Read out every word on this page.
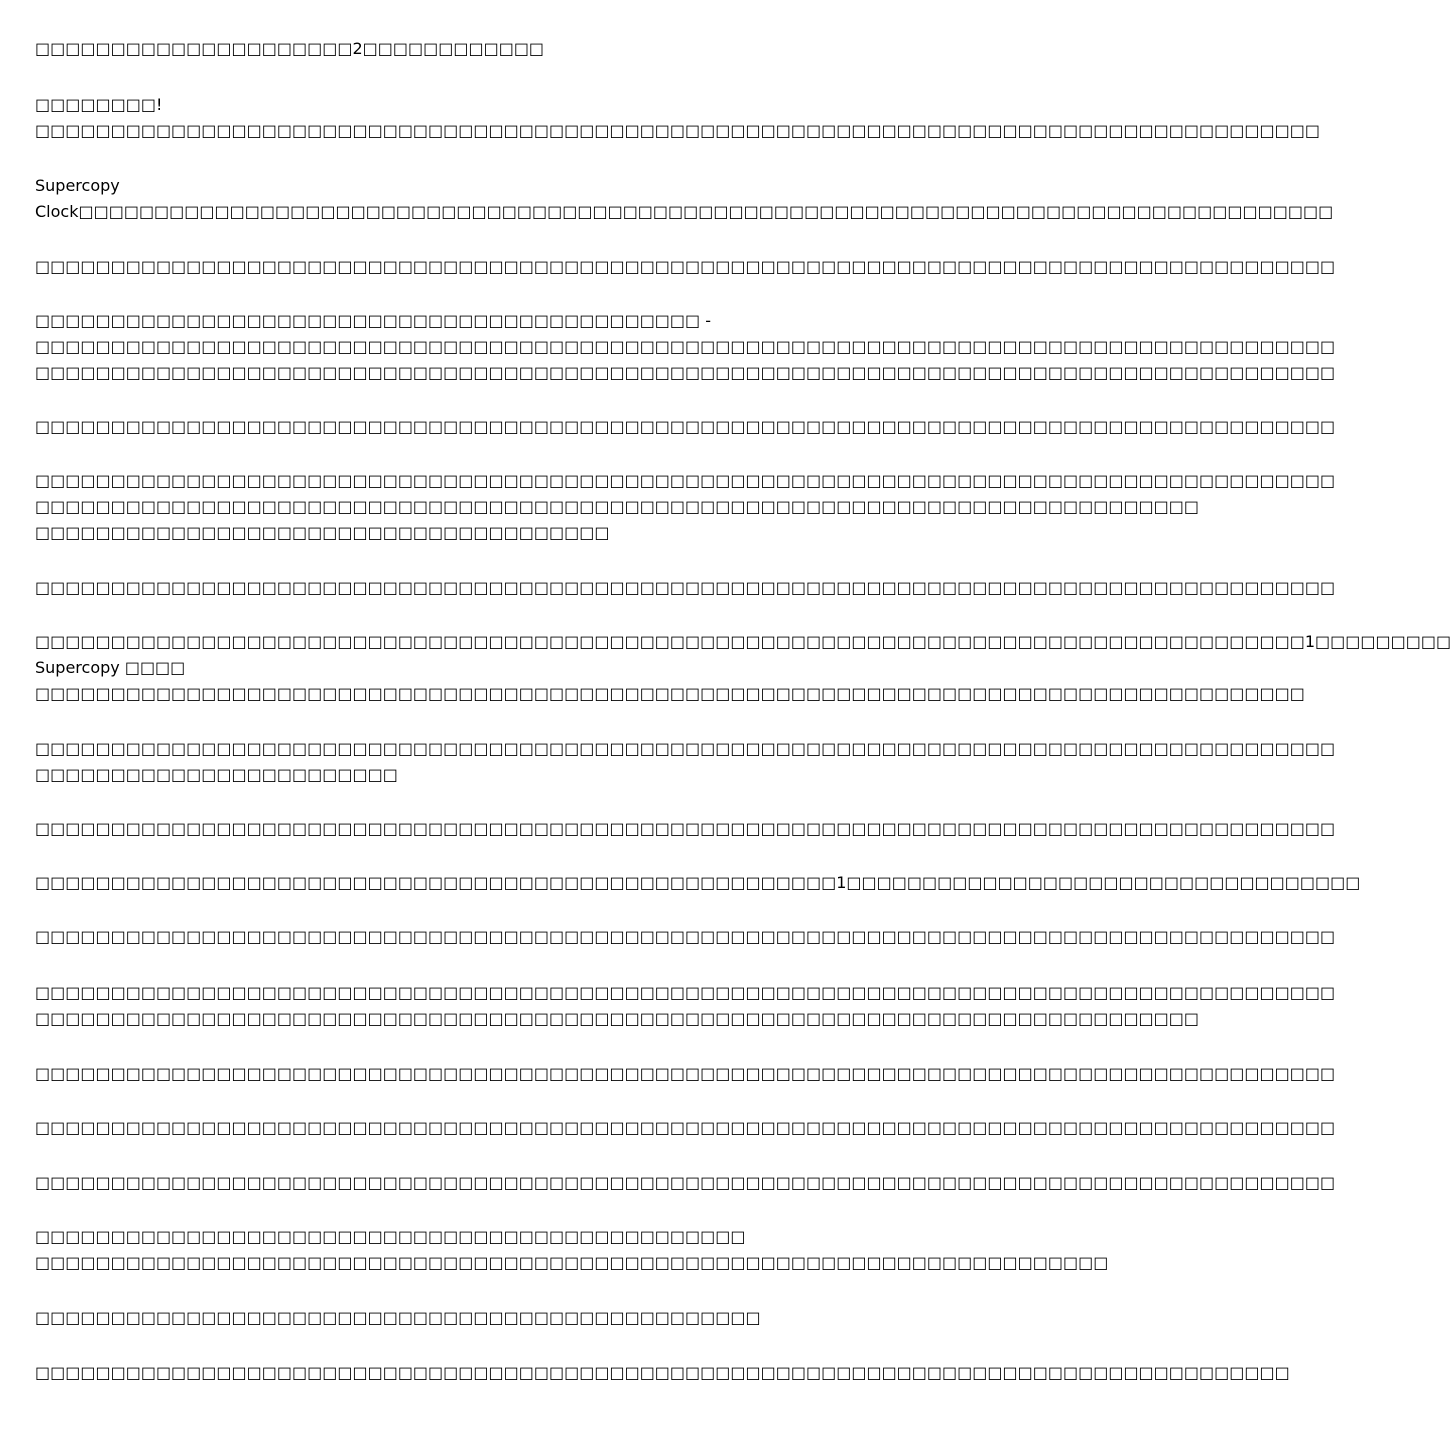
□□□□□□□□□□□□□□□□□□□□□2□□□□□□□□□□□□
□□□□□□□□!
□□□□□□□□□□□□□□□□□□□□□□□□□□□□□□□□□□□□□□□□□□□□□□□□□□□□□□□□□□□□□□□□□□□□□□□□□□□□□□□□□□□□□
Supercopy
Clock□□□□□□□□□□□□□□□□□□□□□□□□□□□□□□□□□□□□□□□□□□□□□□□□□□□□□□□□□□□□□□□□□□□□□□□□□□□□□□□□□□□
□□□□□□□□□□□□□□□□□□□□□□□□□□□□□□□□□□□□□□□□□□□□□□□□□□□□□□□□□□□□□□□□□□□□□□□□□□□□□□□□□□□□□□
□□□□□□□□□□□□□□□□□□□□□□□□□□□□□□□□□□□□□□□□□□□□ -
□□□□□□□□□□□□□□□□□□□□□□□□□□□□□□□□□□□□□□□□□□□□□□□□□□□□□□□□□□□□□□□□□□□□□□□□□□□□□□□□□□□□□□
□□□□□□□□□□□□□□□□□□□□□□□□□□□□□□□□□□□□□□□□□□□□□□□□□□□□□□□□□□□□□□□□□□□□□□□□□□□□□□□□□□□□□□
□□□□□□□□□□□□□□□□□□□□□□□□□□□□□□□□□□□□□□□□□□□□□□□□□□□□□□□□□□□□□□□□□□□□□□□□□□□□□□□□□□□□□□
□□□□□□□□□□□□□□□□□□□□□□□□□□□□□□□□□□□□□□□□□□□□□□□□□□□□□□□□□□□□□□□□□□□□□□□□□□□□□□□□□□□□□□
□□□□□□□□□□□□□□□□□□□□□□□□□□□□□□□□□□□□□□□□□□□□□□□□□□□□□□□□□□□□□□□□□□□□□□□□□□□□□
□□□□□□□□□□□□□□□□□□□□□□□□□□□□□□□□□□□□□□
□□□□□□□□□□□□□□□□□□□□□□□□□□□□□□□□□□□□□□□□□□□□□□□□□□□□□□□□□□□□□□□□□□□□□□□□□□□□□□□□□□□□□□
□□□□□□□□□□□□□□□□□□□□□□□□□□□□□□□□□□□□□□□□□□□□□□□□□□□□□□□□□□□□□□□□□□□□□□□□□□□□□□□□□□□□1□□□□□□□□□
Supercopy □□□□
□□□□□□□□□□□□□□□□□□□□□□□□□□□□□□□□□□□□□□□□□□□□□□□□□□□□□□□□□□□□□□□□□□□□□□□□□□□□□□□□□□□□
□□□□□□□□□□□□□□□□□□□□□□□□□□□□□□□□□□□□□□□□□□□□□□□□□□□□□□□□□□□□□□□□□□□□□□□□□□□□□□□□□□□□□□
□□□□□□□□□□□□□□□□□□□□□□□□
□□□□□□□□□□□□□□□□□□□□□□□□□□□□□□□□□□□□□□□□□□□□□□□□□□□□□□□□□□□□□□□□□□□□□□□□□□□□□□□□□□□□□□
□□□□□□□□□□□□□□□□□□□□□□□□□□□□□□□□□□□□□□□□□□□□□□□□□□□□□1□□□□□□□□□□□□□□□□□□□□□□□□□□□□□□□□□□
□□□□□□□□□□□□□□□□□□□□□□□□□□□□□□□□□□□□□□□□□□□□□□□□□□□□□□□□□□□□□□□□□□□□□□□□□□□□□□□□□□□□□□
□□□□□□□□□□□□□□□□□□□□□□□□□□□□□□□□□□□□□□□□□□□□□□□□□□□□□□□□□□□□□□□□□□□□□□□□□□□□□□□□□□□□□□
□□□□□□□□□□□□□□□□□□□□□□□□□□□□□□□□□□□□□□□□□□□□□□□□□□□□□□□□□□□□□□□□□□□□□□□□□□□□□
□□□□□□□□□□□□□□□□□□□□□□□□□□□□□□□□□□□□□□□□□□□□□□□□□□□□□□□□□□□□□□□□□□□□□□□□□□□□□□□□□□□□□□
□□□□□□□□□□□□□□□□□□□□□□□□□□□□□□□□□□□□□□□□□□□□□□□□□□□□□□□□□□□□□□□□□□□□□□□□□□□□□□□□□□□□□□
□□□□□□□□□□□□□□□□□□□□□□□□□□□□□□□□□□□□□□□□□□□□□□□□□□□□□□□□□□□□□□□□□□□□□□□□□□□□□□□□□□□□□□
□□□□□□□□□□□□□□□□□□□□□□□□□□□□□□□□□□□□□□□□□□□□□□□
□□□□□□□□□□□□□□□□□□□□□□□□□□□□□□□□□□□□□□□□□□□□□□□□□□□□□□□□□□□□□□□□□□□□□□□
□□□□□□□□□□□□□□□□□□□□□□□□□□□□□□□□□□□□□□□□□□□□□□□□
□□□□□□□□□□□□□□□□□□□□□□□□□□□□□□□□□□□□□□□□□□□□□□□□□□□□□□□□□□□□□□□□□□□□□□□□□□□□□□□□□□□
